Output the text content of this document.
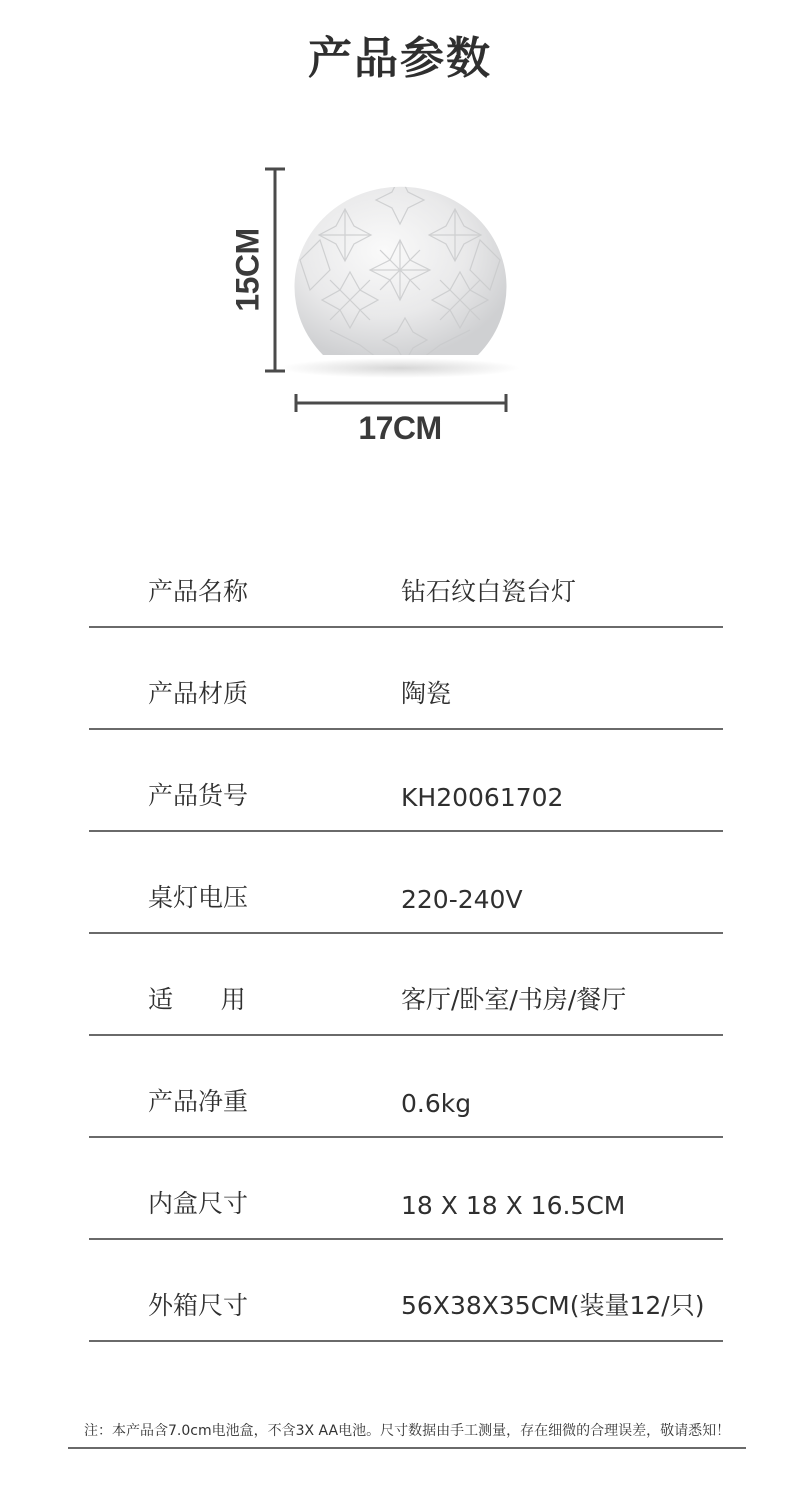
产品参数
15CM
17CM
产品名称	钻石纹白瓷台灯
产品材质	陶瓷
产品货号	KH20061702
桌灯电压	220-240V
适      用	客厅/卧室/书房/餐厅
产品净重	0.6kg
内盒尺寸	18 X 18 X 16.5CM
外箱尺寸	56X38X35CM(装量12/只)
注：本产品含7.0cm电池盒，不含3X AA电池。尺寸数据由手工测量，存在细微的合理误差，敬请悉知！
